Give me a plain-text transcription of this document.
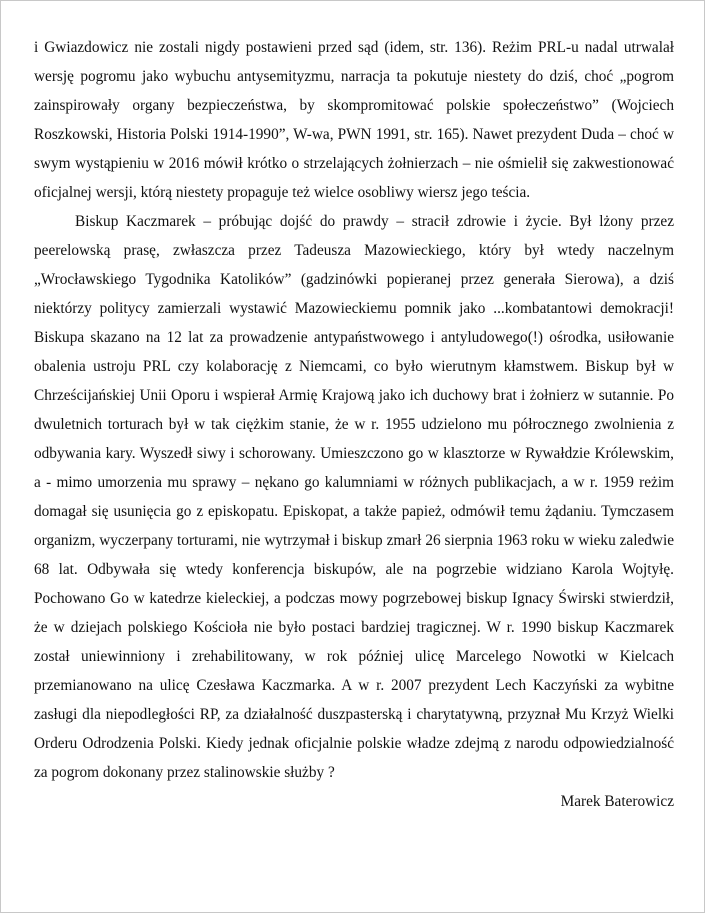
i Gwiazdowicz nie zostali nigdy postawieni przed sąd (idem, str. 136). Reżim PRL-u nadal utrwalał wersję pogromu jako wybuchu antysemityzmu, narracja ta pokutuje niestety do dziś, choć „pogrom zainspirowały organy bezpieczeństwa, by skompromitować polskie społeczeństwo” (Wojciech Roszkowski, Historia Polski 1914-1990”, W-wa, PWN 1991, str. 165). Nawet prezydent Duda – choć w swym wystąpieniu w 2016 mówił krótko o strzelających żołnierzach – nie ośmielił się zakwestionować oficjalnej wersji, którą niestety propaguje też wielce osobliwy wiersz jego teścia.

Biskup Kaczmarek – próbując dojść do prawdy – stracił zdrowie i życie. Był lżony przez peerelowską prasę, zwłaszcza przez Tadeusza Mazowieckiego, który był wtedy naczelnym „Wrocławskiego Tygodnika Katolików” (gadzinówki popieranej przez generała Sierowa), a dziś niektórzy politycy zamierzali wystawić Mazowieckiemu pomnik jako ...kombatantowi demokracji! Biskupa skazano na 12 lat za prowadzenie antypaństwowego i antyludowego(!) ośrodka, usiłowanie obalenia ustroju PRL czy kolaborację z Niemcami, co było wierutnym kłamstwem. Biskup był w Chrześcijańskiej Unii Oporu i wspierał Armię Krajową jako ich duchowy brat i żołnierz w sutannie. Po dwuletnich torturach był w tak ciężkim stanie, że w r. 1955 udzielono mu półrocznego zwolnienia z odbywania kary. Wyszedł siwy i schorowany. Umieszczono go w klasztorze w Rywałdzie Królewskim, a - mimo umorzenia mu sprawy – nękano go kalumniami w różnych publikacjach, a w r. 1959 reżim domagał się usunięcia go z episkopatu. Episkopat, a także papież, odmówił temu żądaniu. Tymczasem organizm, wyczerpany torturami, nie wytrzymał i biskup zmarł 26 sierpnia 1963 roku w wieku zaledwie 68 lat. Odbywała się wtedy konferencja biskupów, ale na pogrzebie widziano Karola Wojtyłę. Pochowano Go w katedrze kieleckiej, a podczas mowy pogrzebowej biskup Ignacy Świrski stwierdził, że w dziejach polskiego Kościoła nie było postaci bardziej tragicznej. W r. 1990 biskup Kaczmarek został uniewinniony i zrehabilitowany, w rok później ulicę Marcelego Nowotki w Kielcach przemianowano na ulicę Czesława Kaczmarka. A w r. 2007 prezydent Lech Kaczyński za wybitne zasługi dla niepodległości RP, za działalność duszpasterską i charytatywną, przyznał Mu Krzyż Wielki Orderu Odrodzenia Polski. Kiedy jednak oficjalnie polskie władze zdejmą z narodu odpowiedzialność za pogrom dokonany przez stalinowskie służby ?

Marek Baterowicz
